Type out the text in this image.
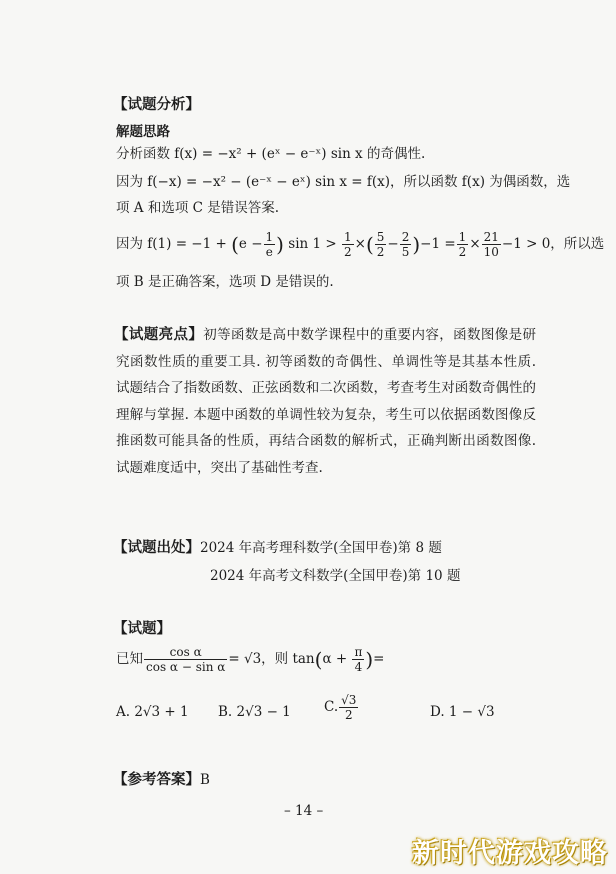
【试题分析】
解题思路
分析函数 f(x) = −x² + (eˣ − e⁻ˣ) sin x 的奇偶性.
因为 f(−x) = −x² − (e⁻ˣ − eˣ) sin x = f(x)，所以函数 f(x) 为偶函数，选
项 A 和选项 C 是错误答案.
因为 $f(1) = -1 + (e - \frac{1}{e}$ ) $\sin 1 > \frac{1}{2}$ ×( $\frac{5}{2} - \frac{2}{5} )-1 = \frac{1}{2} \times \frac{21}{10} -1 > 0$，所以选
项 B 是正确答案，选项 D 是错误的.
【试题亮点】初等函数是高中数学课程中的重要内容，函数图像是研究函数性质的重要工具. 初等函数的奇偶性、单调性等是其基本性质. 试题结合了指数函数、正弦函数和二次函数，考查考生对函数奇偶性的理解与掌握. 本题中函数的单调性较为复杂，考生可以依据函数图像反推函数可能具备的性质，再结合函数的解析式，正确判断出函数图像. 试题难度适中，突出了基础性考查.
【试题出处】2024 年高考理科数学(全国甲卷)第 8 题
2024 年高考文科数学(全国甲卷)第 10 题
【试题】
已知 $\frac{\text{cos α}}{\text{cos α − sin α}} = √3$，则 $\tan(\alpha + \frac{\pi}{4}$ )=
A. 2√3 + 1 B. 2√3 − 1 C. $\frac{√3}{2}$	D. 1 − √3
【参考答案】B
– 14 –
新时代游戏攻略
